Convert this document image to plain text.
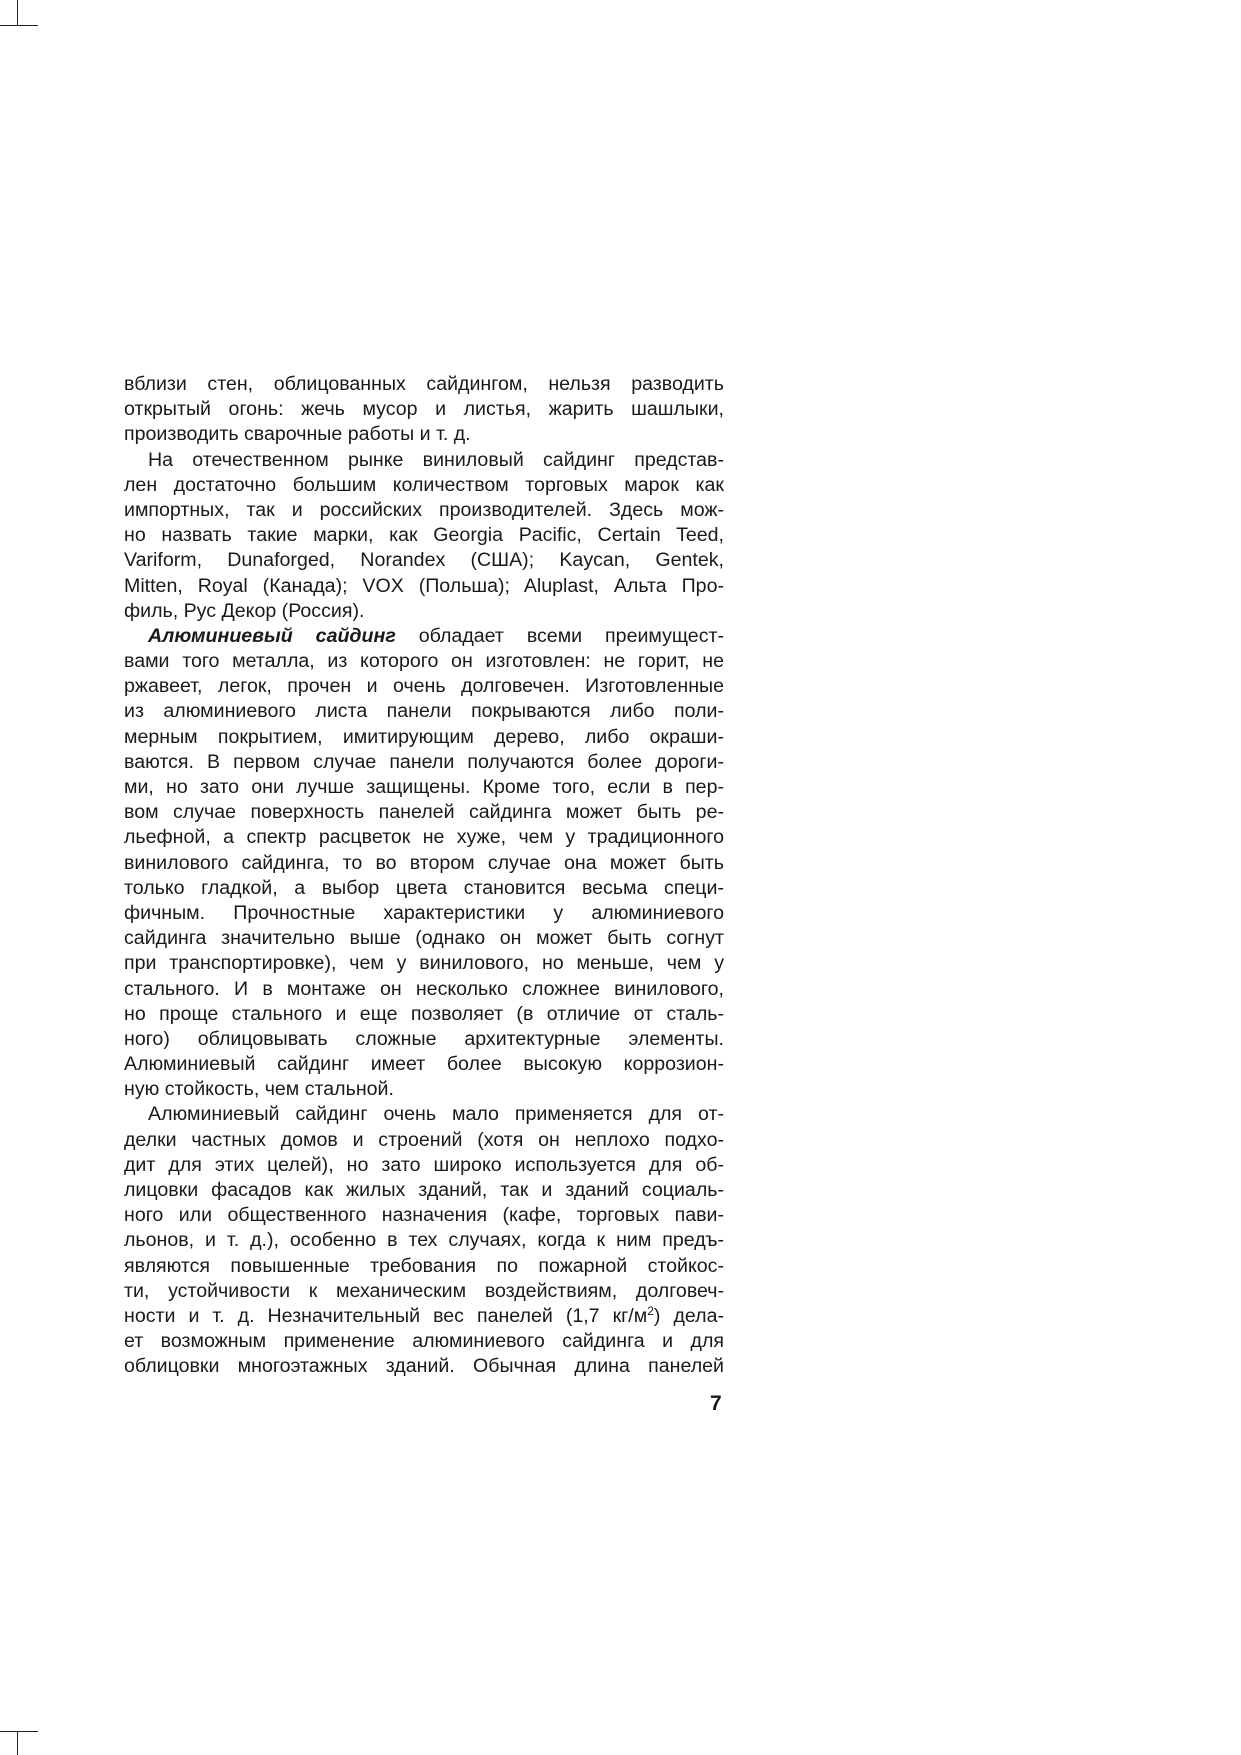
вблизи стен, облицованных сайдингом, нельзя разводить
открытый огонь: жечь мусор и листья, жарить шашлыки,
производить сварочные работы и т. д.
На отечественном рынке виниловый сайдинг представ-
лен достаточно большим количеством торговых марок как
импортных, так и российских производителей. Здесь мож-
но назвать такие марки, как Georgia Pacific, Certain Teed,
Variform, Dunaforged, Norandex (США); Kaycan, Gentek,
Mitten, Royal (Канада); VOX (Польша); Aluplast, Альта Про-
филь, Рус Декор (Россия).
Алюминиевый сайдинг обладает всеми преимущест-
вами того металла, из которого он изготовлен: не горит, не
ржавеет, легок, прочен и очень долговечен. Изготовленные
из алюминиевого листа панели покрываются либо поли-
мерным покрытием, имитирующим дерево, либо окраши-
ваются. В первом случае панели получаются более дороги-
ми, но зато они лучше защищены. Кроме того, если в пер-
вом случае поверхность панелей сайдинга может быть ре-
льефной, а спектр расцветок не хуже, чем у традиционного
винилового сайдинга, то во втором случае она может быть
только гладкой, а выбор цвета становится весьма специ-
фичным. Прочностные характеристики у алюминиевого
сайдинга значительно выше (однако он может быть согнут
при транспортировке), чем у винилового, но меньше, чем у
стального. И в монтаже он несколько сложнее винилового,
но проще стального и еще позволяет (в отличие от сталь-
ного) облицовывать сложные архитектурные элементы.
Алюминиевый сайдинг имеет более высокую коррозион-
ную стойкость, чем стальной.
Алюминиевый сайдинг очень мало применяется для от-
делки частных домов и строений (хотя он неплохо подхо-
дит для этих целей), но зато широко используется для об-
лицовки фасадов как жилых зданий, так и зданий социаль-
ного или общественного назначения (кафе, торговых пави-
льонов, и т. д.), особенно в тех случаях, когда к ним предъ-
являются повышенные требования по пожарной стойкос-
ти, устойчивости к механическим воздействиям, долговеч-
ности и т. д. Незначительный вес панелей (1,7 $кг/м^2$) дела-
ет возможным применение алюминиевого сайдинга и для
облицовки многоэтажных зданий. Обычная длина панелей
7
